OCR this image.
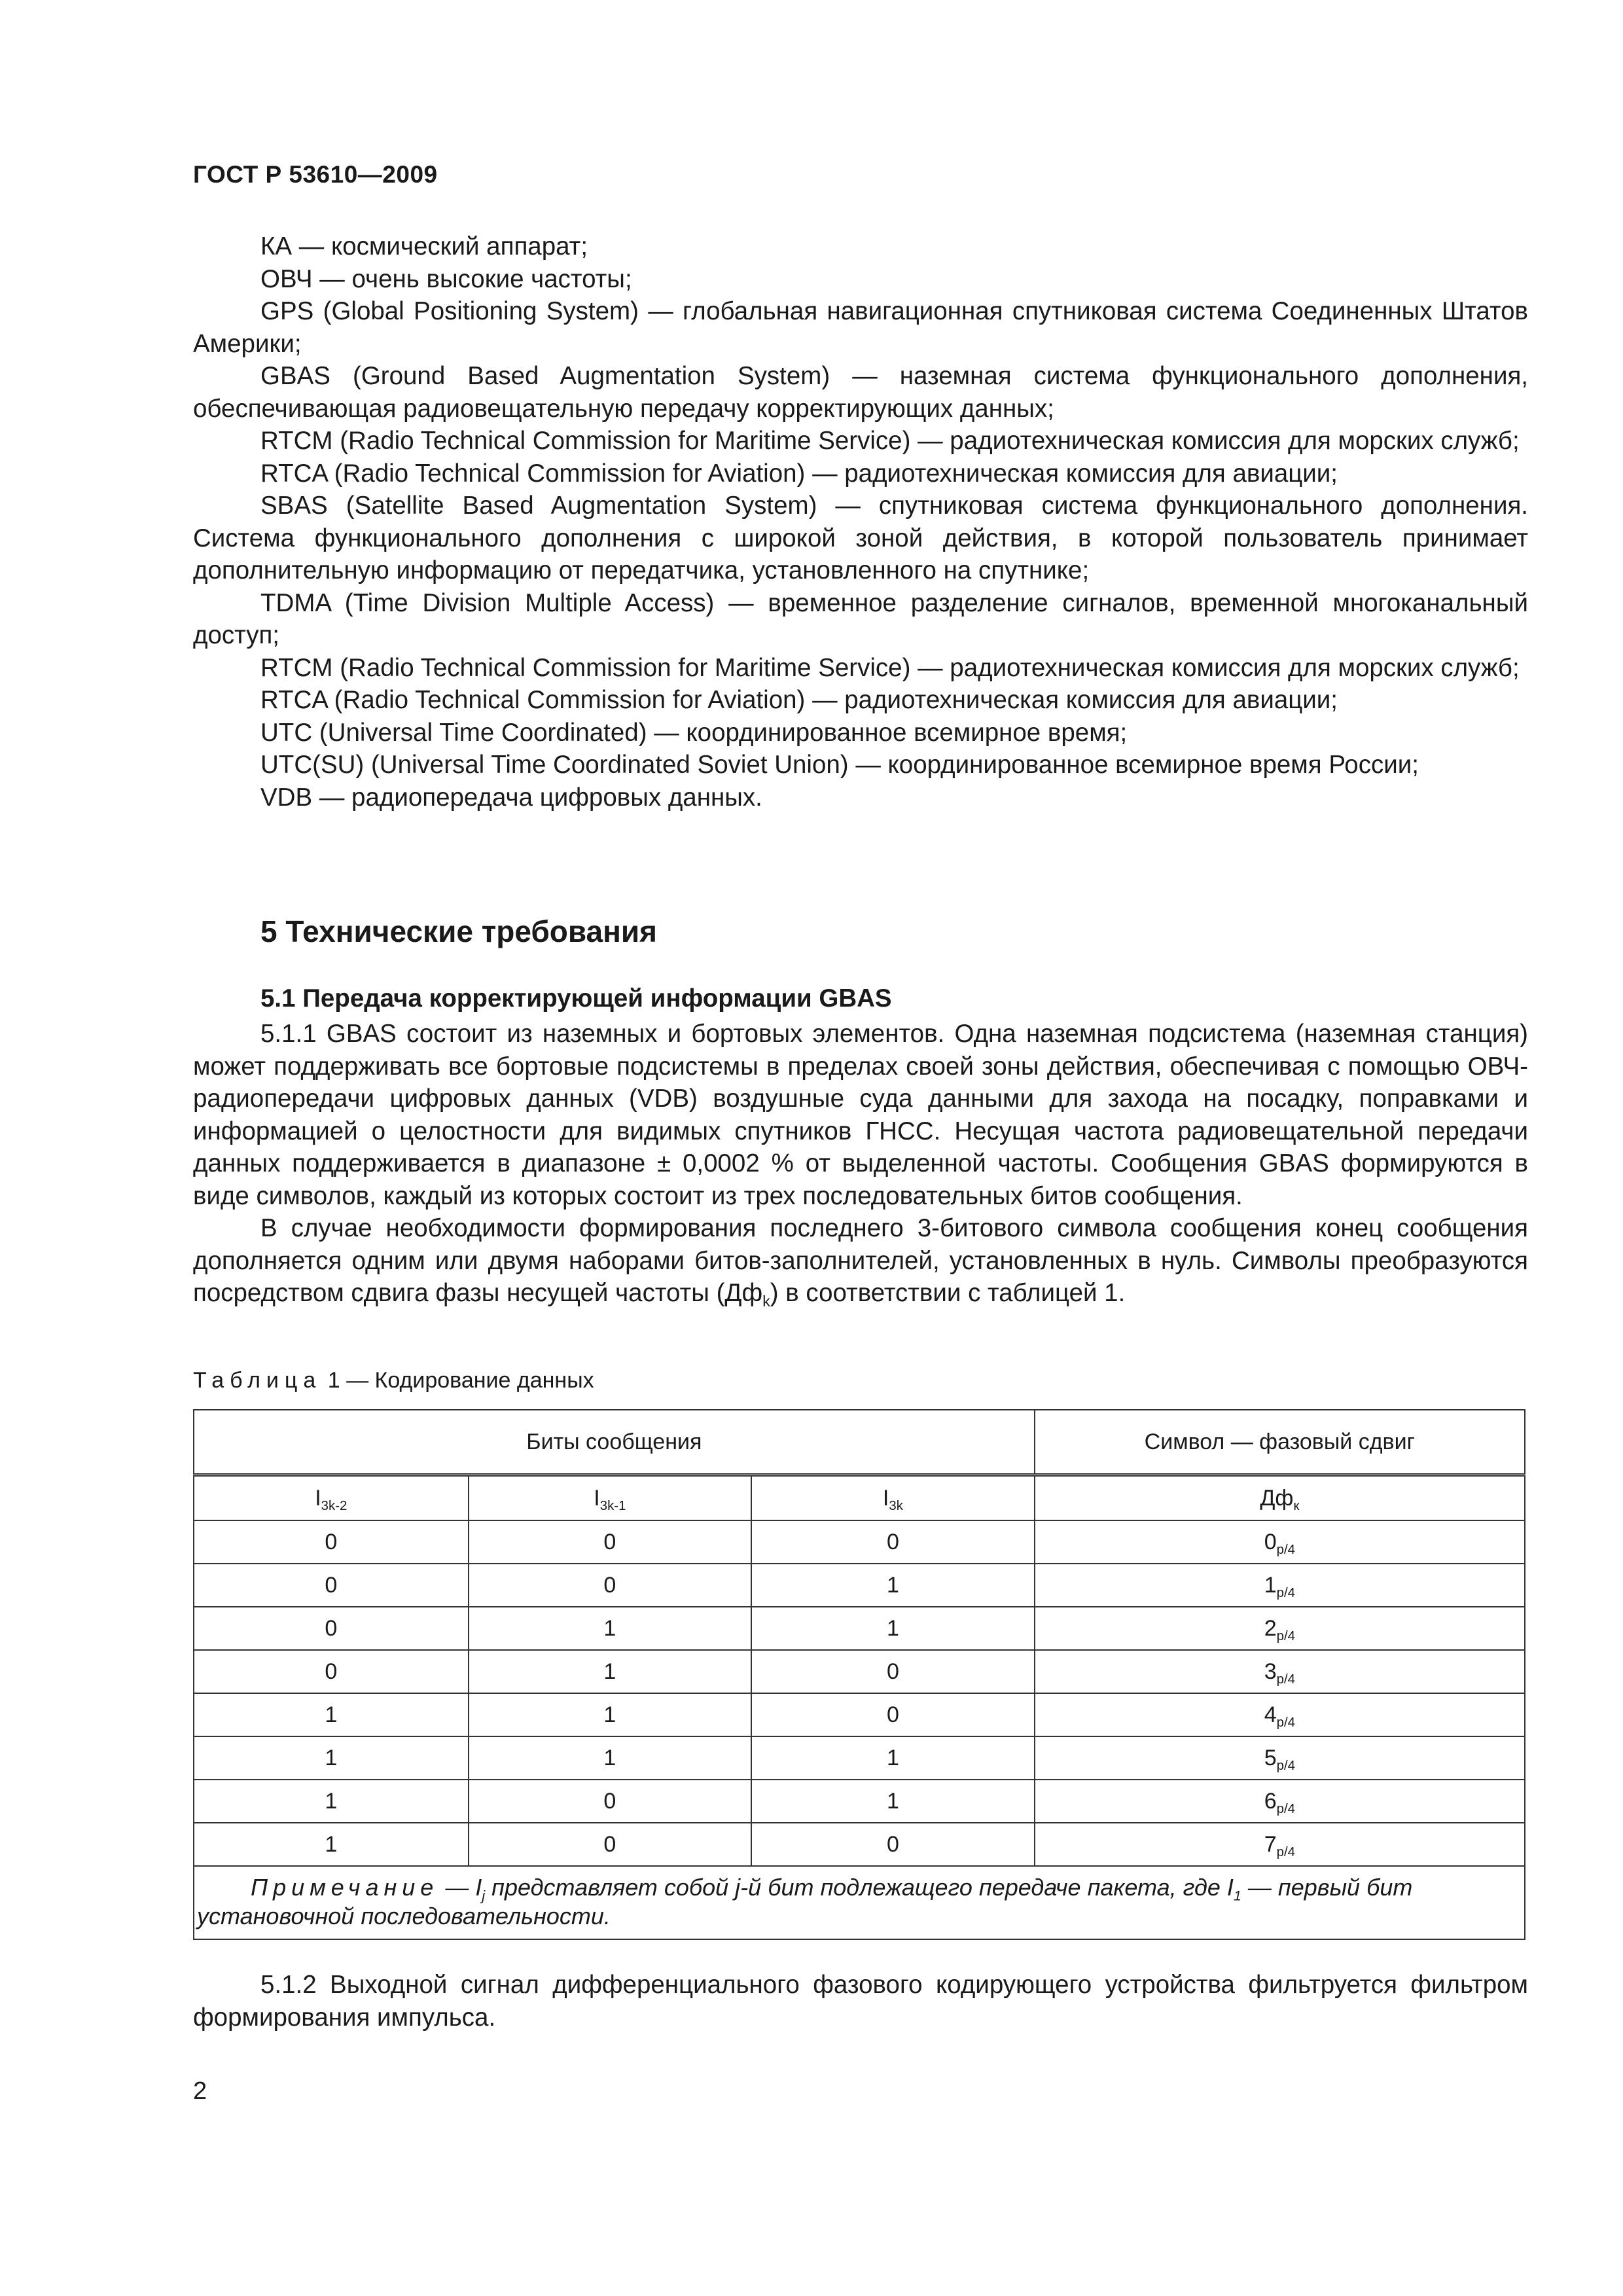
ГОСТ Р 53610—2009

КА — космический аппарат;

ОВЧ — очень высокие частоты;

GPS (Global Positioning System) — глобальная навигационная спутниковая система Соединенных Штатов Америки;

GBAS (Ground Based Augmentation System) — наземная система функционального дополнения, обеспечивающая радиовещательную передачу корректирующих данных;

RTCM (Radio Technical Commission for Maritime Service) — радиотехническая комиссия для морских служб;

RTCA (Radio Technical Commission for Aviation) — радиотехническая комиссия для авиации;

SBAS (Satellite Based Augmentation System) — спутниковая система функционального дополнения. Система функционального дополнения с широкой зоной действия, в которой пользователь принимает дополнительную информацию от передатчика, установленного на спутнике;

TDMA (Time Division Multiple Access) — временное разделение сигналов, временной многоканальный доступ;

RTCM (Radio Technical Commission for Maritime Service) — радиотехническая комиссия для морских служб;

RTCA (Radio Technical Commission for Aviation) — радиотехническая комиссия для авиации;

UTC (Universal Time Coordinated) — координированное всемирное время;

UTC(SU) (Universal Time Coordinated Soviet Union) — координированное всемирное время России;

VDB — радиопередача цифровых данных.

5 Технические требования
5.1 Передача корректирующей информации GBAS

5.1.1 GBAS состоит из наземных и бортовых элементов. Одна наземная подсистема (наземная станция) может поддерживать все бортовые подсистемы в пределах своей зоны действия, обеспечивая с помощью ОВЧ-радиопередачи цифровых данных (VDB) воздушные суда данными для захода на посадку, поправками и информацией о целостности для видимых спутников ГНСС. Несущая частота радиовещательной передачи данных поддерживается в диапазоне ± 0,0002 % от выделенной частоты. Сообщения GBAS формируются в виде символов, каждый из которых состоит из трех последовательных битов сообщения.

В случае необходимости формирования последнего 3-битового символа сообщения конец сообщения дополняется одним или двумя наборами битов-заполнителей, установленных в нуль. Символы преобразуются посредством сдвига фазы несущей частоты $(Дф_k)$ в соответствии с таблицей 1.

Таблица 1 — Кодирование данных
Биты сообщения			Символ — фазовый сдвиг
$I_{3k-2}$	$I_{3k-1}$	$I_{3k}$	$Дф_к$
0	0	0	$0_{p/4}$
0	0	1	$1_{p/4}$
0	1	1	$2_{p/4}$
0	1	0	$3_{p/4}$
1	1	0	$4_{p/4}$
1	1	1	$5_{p/4}$
1	0	1	$6_{p/4}$
1	0	0	$7_{p/4}$
Примечание — $I_j$ представляет собой j-й бит подлежащего передаче пакета, где $I_1$ — первый бит установочной последовательности.			

5.1.2 Выходной сигнал дифференциального фазового кодирующего устройства фильтруется фильтром формирования импульса.

2
